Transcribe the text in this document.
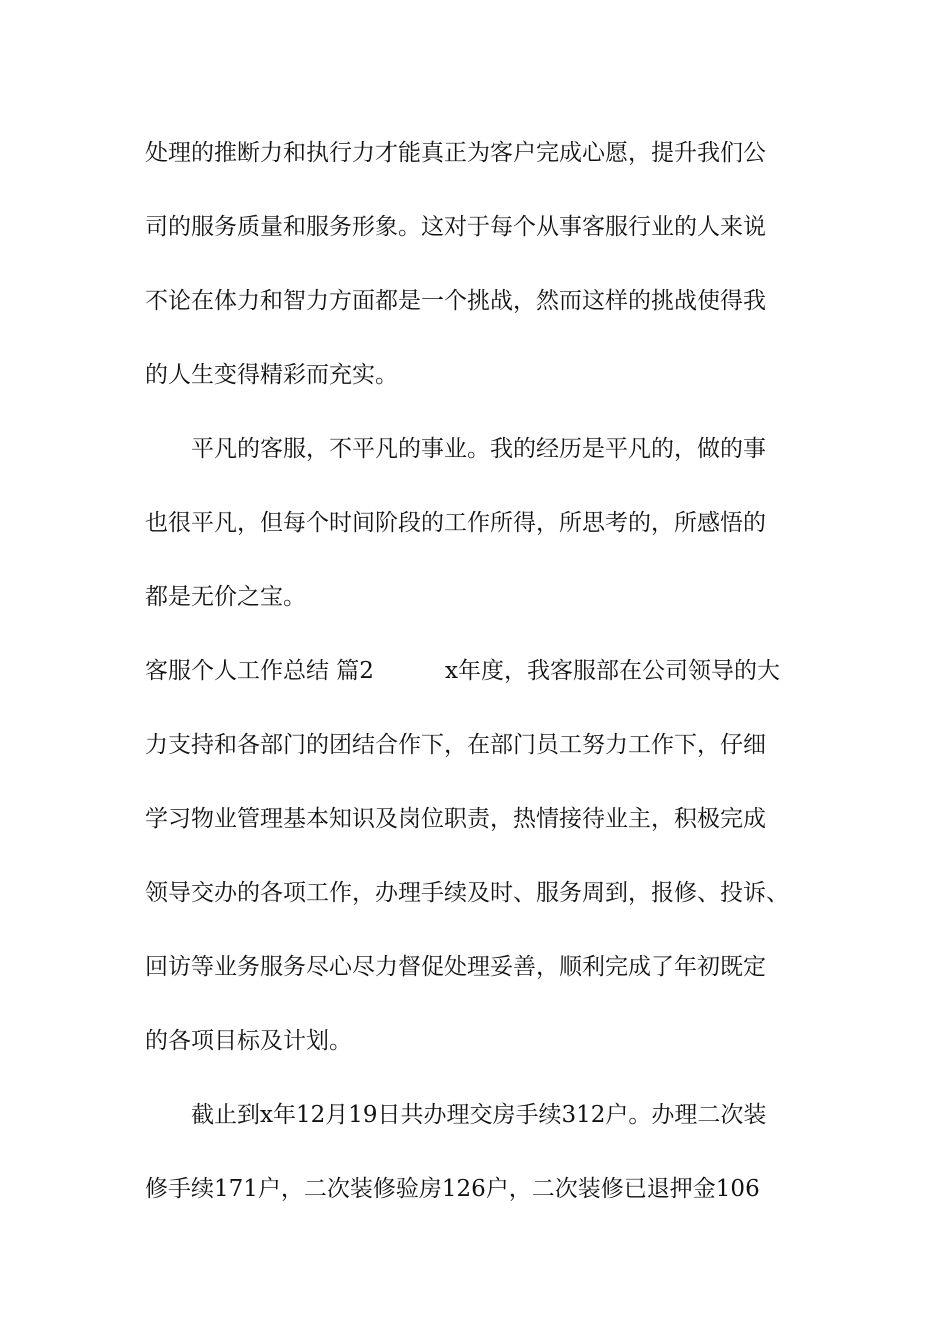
处理的推断力和执行力才能真正为客户完成心愿，提升我们公
司的服务质量和服务形象。这对于每个从事客服行业的人来说
不论在体力和智力方面都是一个挑战，然而这样的挑战使得我
的人生变得精彩而充实。
平凡的客服，不平凡的事业。我的经历是平凡的，做的事
也很平凡，但每个时间阶段的工作所得，所思考的，所感悟的
都是无价之宝。
客服个人工作总结 篇2	x年度，我客服部在公司领导的大
力支持和各部门的团结合作下，在部门员工努力工作下，仔细
学习物业管理基本知识及岗位职责，热情接待业主，积极完成
领导交办的各项工作，办理手续及时、服务周到，报修、投诉、
回访等业务服务尽心尽力督促处理妥善，顺利完成了年初既定
的各项目标及计划。
截止到x年12月19日共办理交房手续312户。办理二次装
修手续171户，二次装修验房126户，二次装修已退押金106
